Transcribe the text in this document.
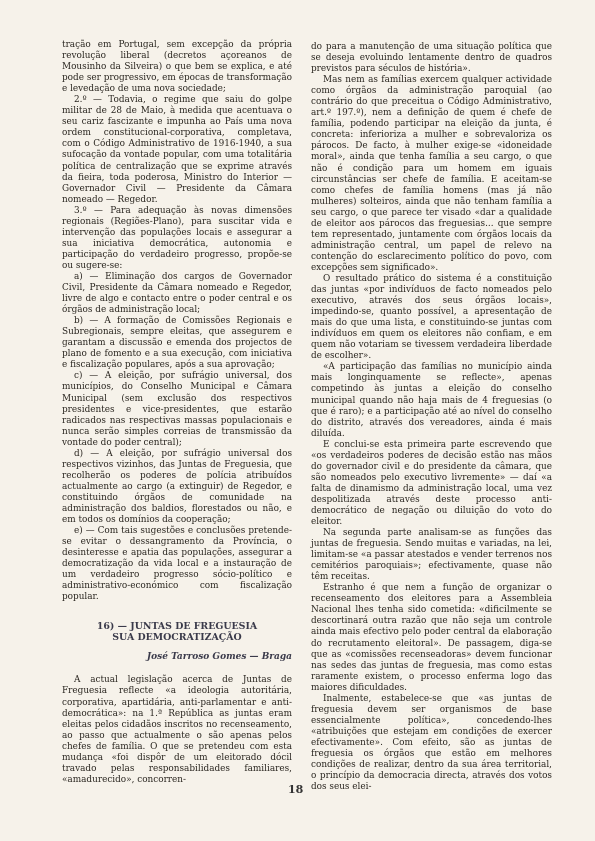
tração em Portugal, sem excepção da própria revolução liberal (decretos açoreanos de Mousinho da Silveira) o que bem se explica, e até pode ser progressivo, em épocas de transformação e levedação de uma nova sociedade;

2.º — Todavia, o regime que saiu do golpe militar de 28 de Maio, à medida que acentuava o seu cariz fascizante e impunha ao País uma nova ordem constitucional-corporativa, completava, com o Código Administrativo de 1916-1940, a sua sufocação da vontade popular, com uma totalitária política de centralização que se exprime através da fieira, toda poderosa, Ministro do Interior — Governador Civil — Presidente da Câmara nomeado — Regedor.

3.º — Para adequação às novas dimensões regionais (Regiões-Plano), para suscitar vida e intervenção das populações locais e assegurar a sua iniciativa democrática, autonomia e participação do verdadeiro progresso, propõe-se ou sugere-se:

a) — Eliminação dos cargos de Governador Civil, Presidente da Câmara nomeado e Regedor, livre de algo e contacto entre o poder central e os órgãos de administração local;

b) — A formação de Comissões Regionais e Subregionais, sempre eleitas, que assegurem e garantam a discussão e emenda dos projectos de plano de fomento e a sua execução, com iniciativa e fiscalização populares, após a sua aprovação;

c) — A eleição, por sufrágio universal, dos municípios, do Conselho Municipal e Câmara Municipal (sem exclusão dos respectivos presidentes e vice-presidentes, que estarão radicados nas respectivas massas populacionais e nunca serão simples correias de transmissão da vontade do poder central);

d) — A eleição, por sufrágio universal dos respectivos vizinhos, das Juntas de Freguesia, que recolherão os poderes de polícia atribuídos actualmente ao cargo (a extinguir) de Regedor, e constituindo órgãos de comunidade na administração dos baldios, florestados ou não, e em todos os domínios da cooperação;

e) — Com tais sugestões e conclusões pretende-se evitar o dessangramento da Província, o desinteresse e apatia das populações, assegurar a democratização da vida local e a instauração de um verdadeiro progresso sócio-político e administrativo-económico com fiscalização popular.

16) — JUNTAS DE FREGUESIA
SUA DEMOCRATIZAÇÃO
José Tarroso Gomes — Braga

A actual legislação acerca de Juntas de Freguesia reflecte «a ideologia autoritária, corporativa, apartidária, anti-parlamentar e anti-democrática»: na 1.ª República as juntas eram eleitas pelos cidadãos inscritos no recenseamento, ao passo que actualmente o são apenas pelos chefes de família. O que se pretendeu com esta mudança «foi dispôr de um eleitorado dócil travado pelas responsabilidades familiares, «amadurecido», concorren-

do para a manutenção de uma situação política que se deseja evoluindo lentamente dentro de quadros previstos para séculos de história».

Mas nem as famílias exercem qualquer actividade como órgãos da administração paroquial (ao contrário do que preceitua o Código Administrativo, art.º 197.º), nem a definição de quem é chefe de família, podendo participar na eleição da junta, é concreta: inferioriza a mulher e sobrevaloriza os párocos. De facto, à mulher exige-se «idoneidade moral», ainda que tenha família a seu cargo, o que não é condição para um homem em iguais circunstâncias ser chefe de família. E aceitam-se como chefes de família homens (mas já não mulheres) solteiros, ainda que não tenham família a seu cargo, o que parece ter visado «dar a qualidade de eleitor aos párocos das freguesias... que sempre tem representado, juntamente com órgãos locais da administração central, um papel de relevo na contenção do esclarecimento político do povo, com excepções sem significado».

O resultado prático do sistema é a constituição das juntas «por indivíduos de facto nomeados pelo executivo, através dos seus órgãos locais», impedindo-se, quanto possível, a apresentação de mais do que uma lista, e constituindo-se juntas com indivíduos em quem os eleitores não confiam, e em quem não votariam se tivessem verdadeira liberdade de escolher».

«A participação das famílias no município ainda mais longinquamente se reflecte», apenas competindo às juntas a eleição do conselho municipal quando não haja mais de 4 freguesias (o que é raro); e a participação até ao nível do conselho do distrito, através dos vereadores, ainda é mais diluída.

E conclui-se esta primeira parte escrevendo que «os verdadeiros poderes de decisão estão nas mãos do governador civil e do presidente da câmara, que são nomeados pelo executivo livremente» — daí «a falta de dinamismo da administração local, uma vez despolitizada através deste processo anti-democrático de negação ou diluição do voto do eleitor.

Na segunda parte analisam-se as funções das juntas de freguesia. Sendo muitas e variadas, na lei, limitam-se «a passar atestados e vender terrenos nos cemitérios paroquiais»; efectivamente, quase não têm receitas.

Estranho é que nem a função de organizar o recenseamento dos eleitores para a Assembleia Nacional lhes tenha sido cometida: «dificilmente se descortinará outra razão que não seja um controle ainda mais efectivo pelo poder central da elaboração do recrutamento eleitoral». De passagem, diga-se que as «comissões recenseadoras» devem funcionar nas sedes das juntas de freguesia, mas como estas raramente existem, o processo enferma logo das maiores dificuldades.

Inalmente, estabelece-se que «as juntas de freguesia devem ser organismos de base essencialmente política», concedendo-lhes «atribuições que estejam em condições de exercer efectivamente». Com efeito, são as juntas de freguesia os órgãos que estão em melhores condições de realizar, dentro da sua área territorial, o princípio da democracia directa, através dos votos dos seus elei-

18
